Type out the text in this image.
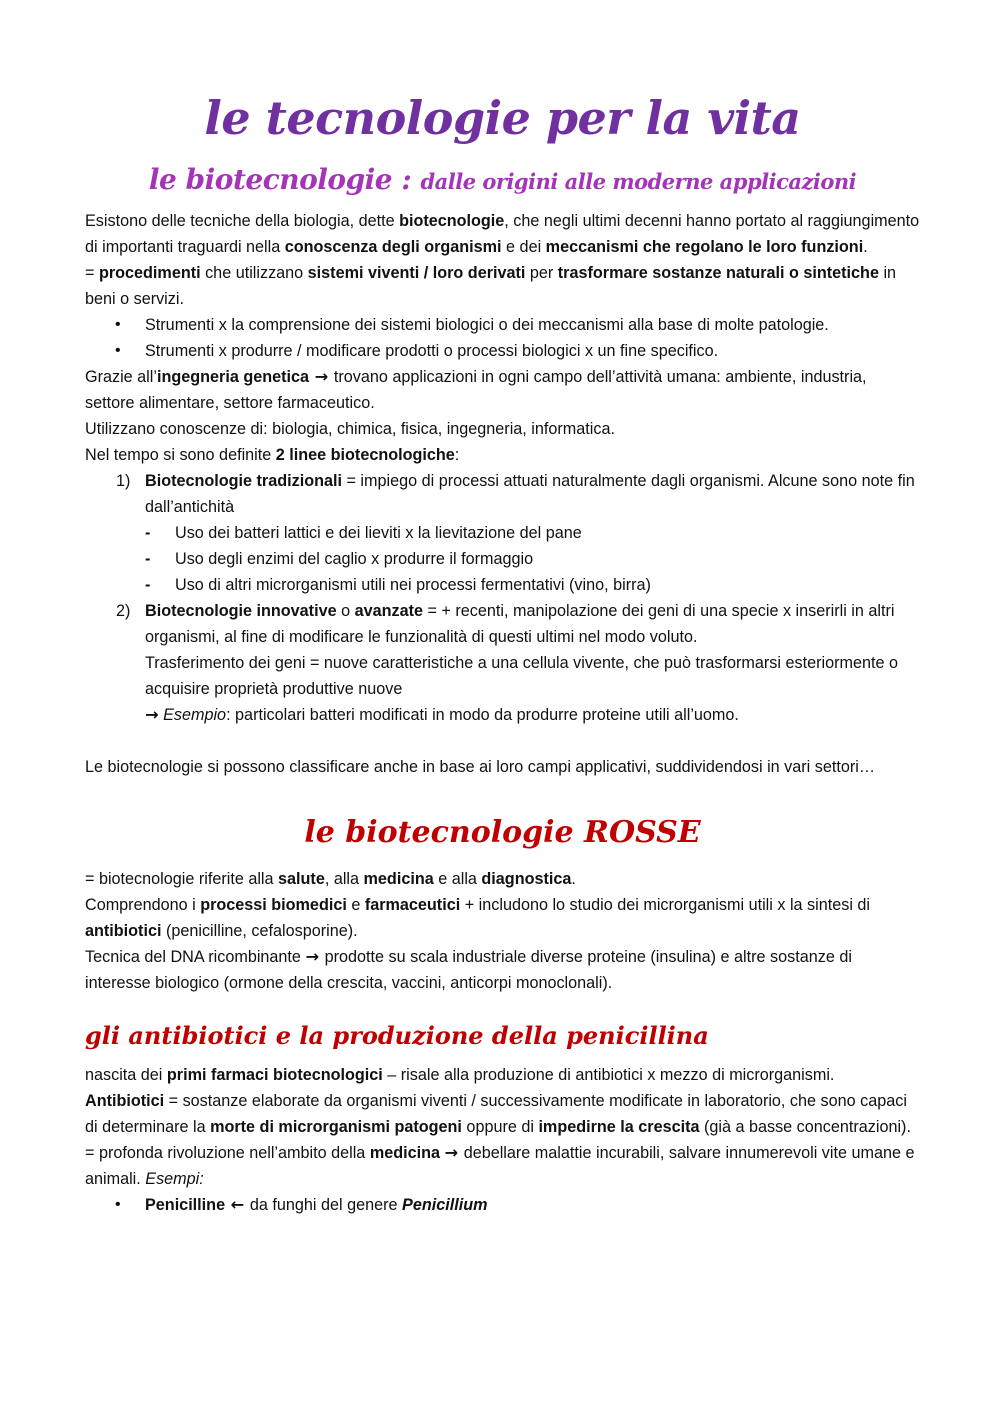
le tecnologie per la vita
le biotecnologie : dalle origini alle moderne applicazioni

Esistono delle tecniche della biologia, dette biotecnologie, che negli ultimi decenni hanno portato al raggiungimento di importanti traguardi nella conoscenza degli organismi e dei meccanismi che regolano le loro funzioni.

= procedimenti che utilizzano sistemi viventi / loro derivati per trasformare sostanze naturali o sintetiche in beni o servizi.

• Strumenti x la comprensione dei sistemi biologici o dei meccanismi alla base di molte patologie.
• Strumenti x produrre / modificare prodotti o processi biologici x un fine specifico.

Grazie all’ingegneria genetica → trovano applicazioni in ogni campo dell’attività umana: ambiente, industria, settore alimentare, settore farmaceutico.

Utilizzano conoscenze di: biologia, chimica, fisica, ingegneria, informatica.

Nel tempo si sono definite 2 linee biotecnologiche:

1) Biotecnologie tradizionali = impiego di processi attuati naturalmente dagli organismi. Alcune sono note fin dall’antichità
- Uso dei batteri lattici e dei lieviti x la lievitazione del pane
- Uso degli enzimi del caglio x produrre il formaggio
- Uso di altri microrganismi utili nei processi fermentativi (vino, birra)
2) Biotecnologie innovative o avanzate = + recenti, manipolazione dei geni di una specie x inserirli in altri organismi, al fine di modificare le funzionalità di questi ultimi nel modo voluto.
Trasferimento dei geni = nuove caratteristiche a una cellula vivente, che può trasformarsi esteriormente o acquisire proprietà produttive nuove
→ Esempio: particolari batteri modificati in modo da produrre proteine utili all’uomo.

Le biotecnologie si possono classificare anche in base ai loro campi applicativi, suddividendosi in vari settori…

le biotecnologie ROSSE

= biotecnologie riferite alla salute, alla medicina e alla diagnostica.

Comprendono i processi biomedici e farmaceutici + includono lo studio dei microrganismi utili x la sintesi di antibiotici (penicilline, cefalosporine).

Tecnica del DNA ricombinante → prodotte su scala industriale diverse proteine (insulina) e altre sostanze di interesse biologico (ormone della crescita, vaccini, anticorpi monoclonali).

gli antibiotici e la produzione della penicillina

nascita dei primi farmaci biotecnologici – risale alla produzione di antibiotici x mezzo di microrganismi.

Antibiotici = sostanze elaborate da organismi viventi / successivamente modificate in laboratorio, che sono capaci di determinare la morte di microrganismi patogeni oppure di impedirne la crescita (già a basse concentrazioni).

= profonda rivoluzione nell’ambito della medicina → debellare malattie incurabili, salvare innumerevoli vite umane e animali. Esempi:

• Penicilline ← da funghi del genere Penicillium
